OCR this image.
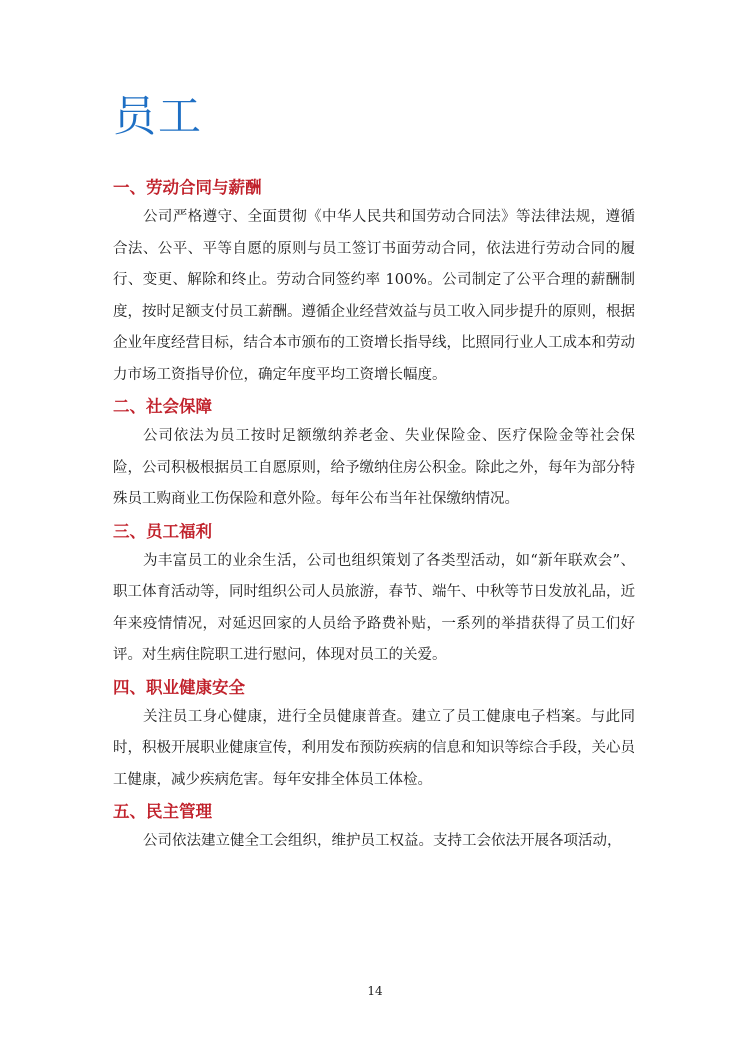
员工
一、劳动合同与薪酬

公司严格遵守、全面贯彻《中华人民共和国劳动合同法》等法律法规，遵循合法、公平、平等自愿的原则与员工签订书面劳动合同，依法进行劳动合同的履行、变更、解除和终止。劳动合同签约率 100%。公司制定了公平合理的薪酬制度，按时足额支付员工薪酬。遵循企业经营效益与员工收入同步提升的原则，根据企业年度经营目标，结合本市颁布的工资增长指导线，比照同行业人工成本和劳动力市场工资指导价位，确定年度平均工资增长幅度。

二、社会保障

公司依法为员工按时足额缴纳养老金、失业保险金、医疗保险金等社会保险，公司积极根据员工自愿原则，给予缴纳住房公积金。除此之外，每年为部分特殊员工购商业工伤保险和意外险。每年公布当年社保缴纳情况。

三、员工福利

为丰富员工的业余生活，公司也组织策划了各类型活动，如“新年联欢会”、职工体育活动等，同时组织公司人员旅游，春节、端午、中秋等节日发放礼品，近年来疫情情况，对延迟回家的人员给予路费补贴，一系列的举措获得了员工们好评。对生病住院职工进行慰问，体现对员工的关爱。

四、职业健康安全

关注员工身心健康，进行全员健康普查。建立了员工健康电子档案。与此同时，积极开展职业健康宣传，利用发布预防疾病的信息和知识等综合手段，关心员工健康，减少疾病危害。每年安排全体员工体检。

五、民主管理

公司依法建立健全工会组织，维护员工权益。支持工会依法开展各项活动，

14
